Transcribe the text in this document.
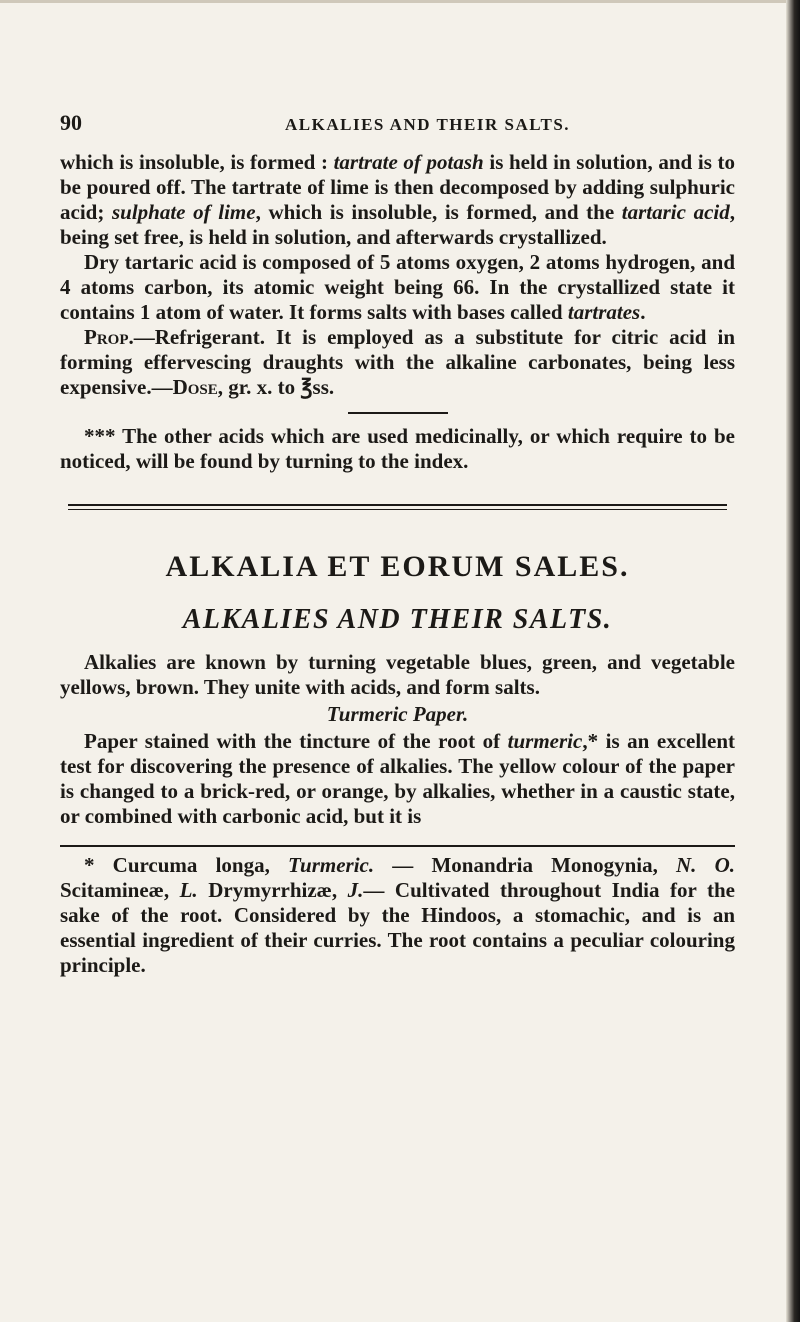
90	ALKALIES AND THEIR SALTS.

which is insoluble, is formed : tartrate of potash is held in solution, and is to be poured off. The tartrate of lime is then decomposed by adding sulphuric acid; sulphate of lime, which is insoluble, is formed, and the tartaric acid, being set free, is held in solution, and afterwards crystallized.

Dry tartaric acid is composed of 5 atoms oxygen, 2 atoms hydrogen, and 4 atoms carbon, its atomic weight being 66. In the crystallized state it contains 1 atom of water. It forms salts with bases called tartrates.

Prop.—Refrigerant. It is employed as a substitute for citric acid in forming effervescing draughts with the alkaline carbonates, being less expensive.—Dose, gr. x. to ℥ss.

*** The other acids which are used medicinally, or which require to be noticed, will be found by turning to the index.

ALKALIA ET EORUM SALES.
ALKALIES AND THEIR SALTS.

Alkalies are known by turning vegetable blues, green, and vegetable yellows, brown. They unite with acids, and form salts.

Turmeric Paper.

Paper stained with the tincture of the root of turmeric,* is an excellent test for discovering the presence of alkalies. The yellow colour of the paper is changed to a brick-red, or orange, by alkalies, whether in a caustic state, or combined with carbonic acid, but it is

* Curcuma longa, Turmeric. — Monandria Monogynia, N. O. Scitamineæ, L. Drymyrrhizæ, J.— Cultivated throughout India for the sake of the root. Considered by the Hindoos, a stomachic, and is an essential ingredient of their curries. The root contains a peculiar colouring principle.
